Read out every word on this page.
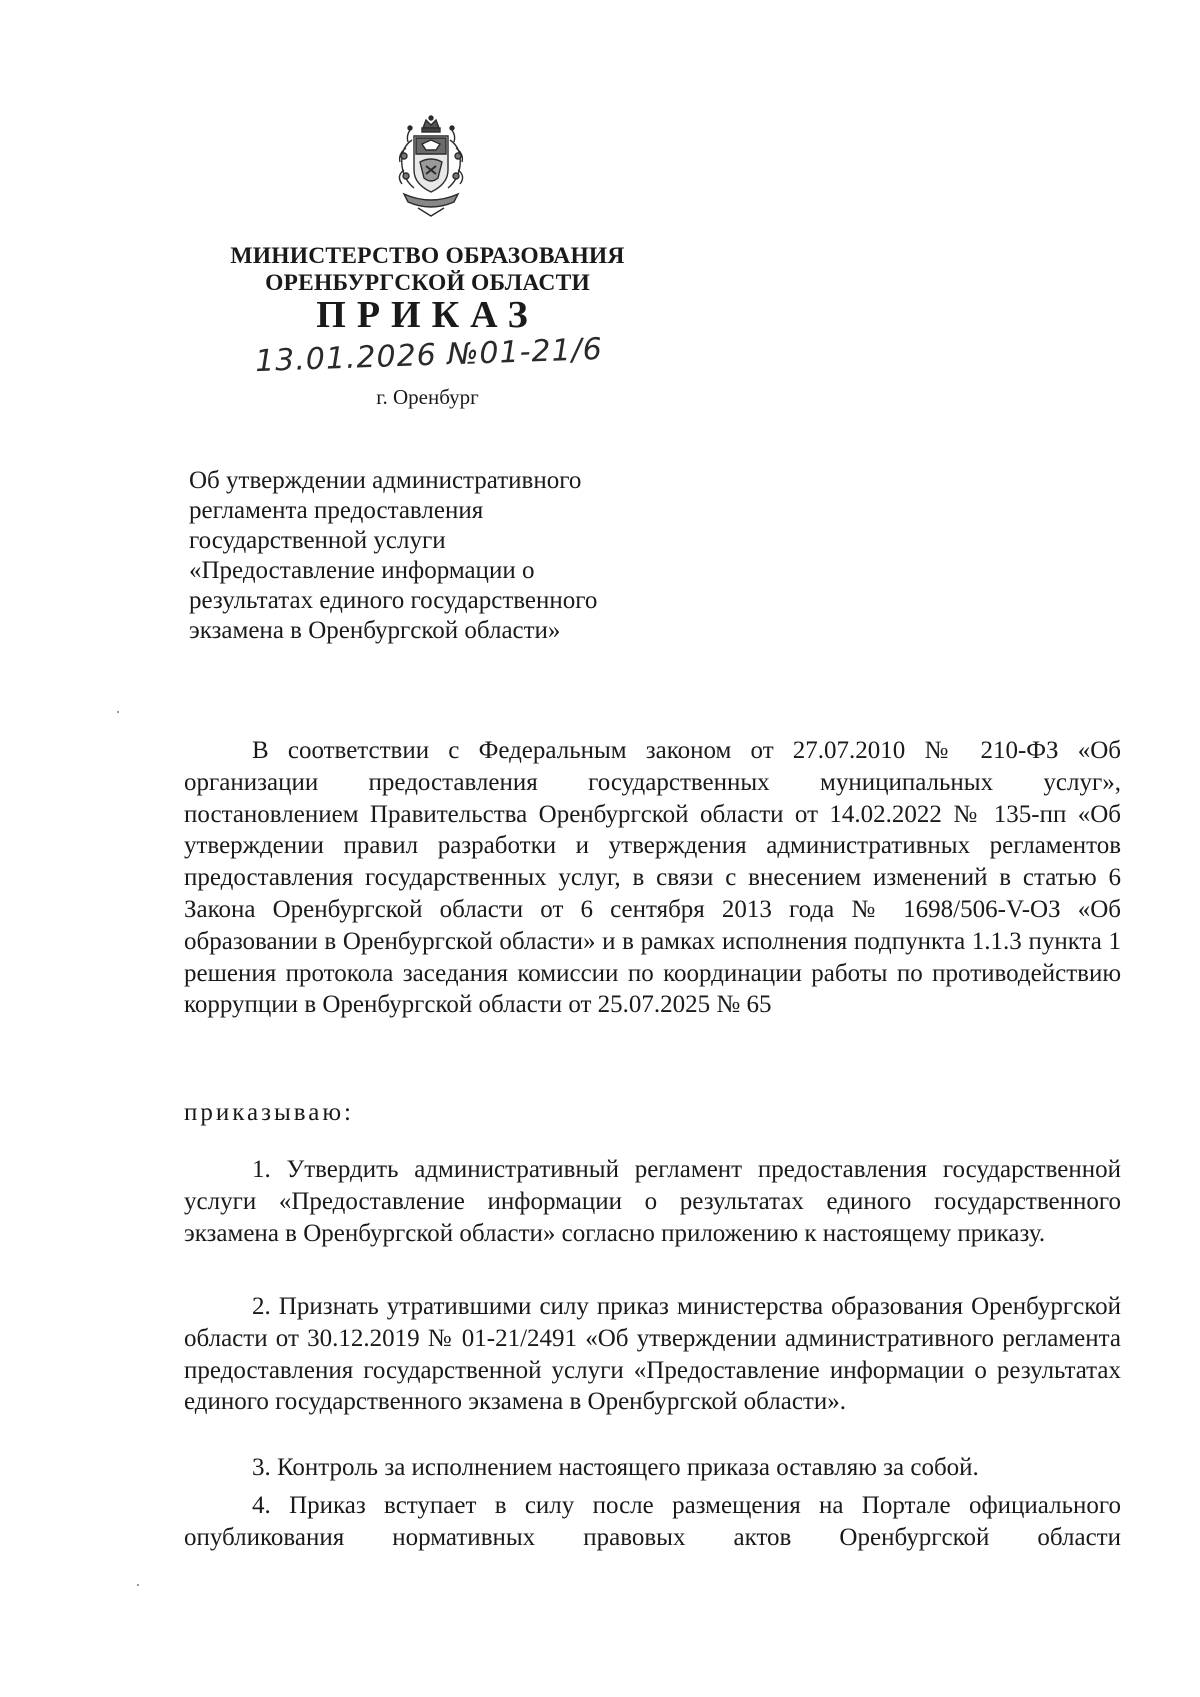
МИНИСТЕРСТВО ОБРАЗОВАНИЯ
ОРЕНБУРГСКОЙ ОБЛАСТИ
ПРИКАЗ
13.01.2026 №01-21/6
г. Оренбург
Об утверждении административного
регламента предоставления
государственной услуги
«Предоставление информации о
результатах единого государственного
экзамена в Оренбургской области»
В соответствии с Федеральным законом от 27.07.2010 № 210-ФЗ «Об организации предоставления государственных муниципальных услуг», постановлением Правительства Оренбургской области от 14.02.2022 № 135-пп «Об утверждении правил разработки и утверждения административных регламентов предоставления государственных услуг, в связи с внесением изменений в статью 6 Закона Оренбургской области от 6 сентября 2013 года № 1698/506-V-ОЗ «Об образовании в Оренбургской области» и в рамках исполнения подпункта 1.1.3 пункта 1 решения протокола заседания комиссии по координации работы по противодействию коррупции в Оренбургской области от 25.07.2025 № 65
приказываю:
1. Утвердить административный регламент предоставления государственной услуги «Предоставление информации о результатах единого государственного экзамена в Оренбургской области» согласно приложению к настоящему приказу.
2. Признать утратившими силу приказ министерства образования Оренбургской области от 30.12.2019 № 01-21/2491 «Об утверждении административного регламента предоставления государственной услуги «Предоставление информации о результатах единого государственного экзамена в Оренбургской области».
3. Контроль за исполнением настоящего приказа оставляю за собой.
4. Приказ вступает в силу после размещения на Портале официального опубликования нормативных правовых актов Оренбургской области
